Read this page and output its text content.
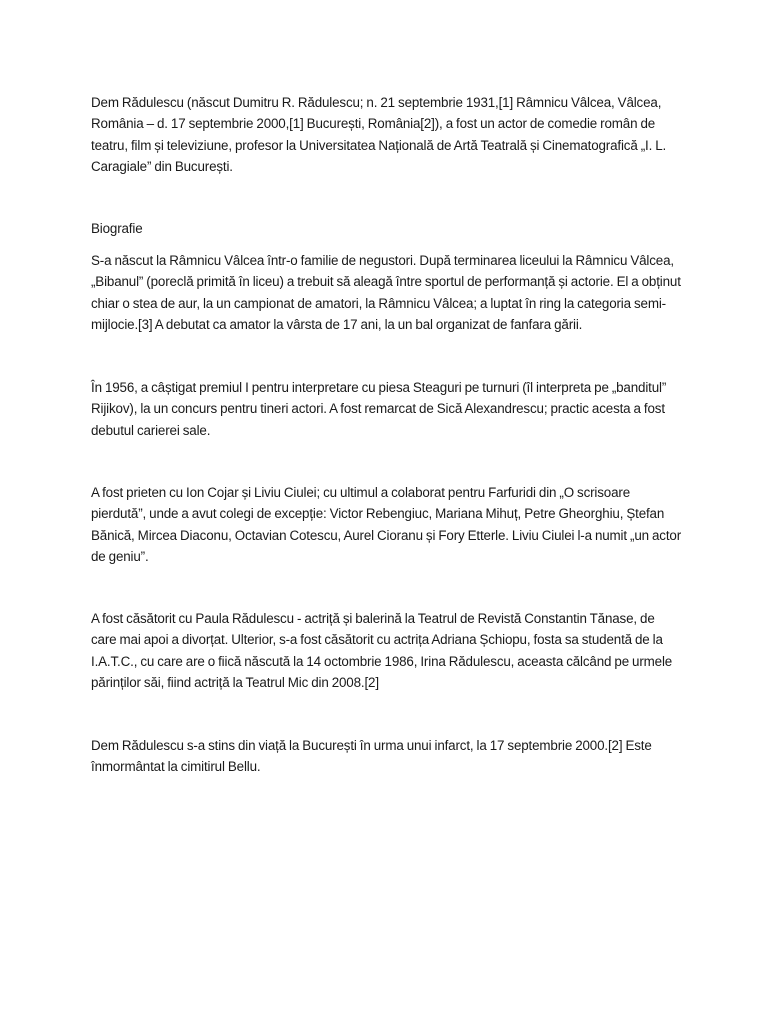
Dem Rădulescu (născut Dumitru R. Rădulescu; n. 21 septembrie 1931,[1] Râmnicu Vâlcea, Vâlcea, România – d. 17 septembrie 2000,[1] București, România[2]), a fost un actor de comedie român de teatru, film și televiziune, profesor la Universitatea Națională de Artă Teatrală și Cinematografică „I. L. Caragiale” din București.

Biografie

S-a născut la Râmnicu Vâlcea într-o familie de negustori. După terminarea liceului la Râmnicu Vâlcea, „Bibanul” (poreclă primită în liceu) a trebuit să aleagă între sportul de performanță și actorie. El a obținut chiar o stea de aur, la un campionat de amatori, la Râmnicu Vâlcea; a luptat în ring la categoria semi-mijlocie.[3] A debutat ca amator la vârsta de 17 ani, la un bal organizat de fanfara gării.

În 1956, a câștigat premiul I pentru interpretare cu piesa Steaguri pe turnuri (îl interpreta pe „banditul” Rijikov), la un concurs pentru tineri actori. A fost remarcat de Sică Alexandrescu; practic acesta a fost debutul carierei sale.

A fost prieten cu Ion Cojar și Liviu Ciulei; cu ultimul a colaborat pentru Farfuridi din „O scrisoare pierdută”, unde a avut colegi de excepție: Victor Rebengiuc, Mariana Mihuț, Petre Gheorghiu, Ștefan Bănică, Mircea Diaconu, Octavian Cotescu, Aurel Cioranu și Fory Etterle. Liviu Ciulei l-a numit „un actor de geniu”.

A fost căsătorit cu Paula Rădulescu - actriță și balerină la Teatrul de Revistă Constantin Tănase, de care mai apoi a divorțat. Ulterior, s-a fost căsătorit cu actrița Adriana Șchiopu, fosta sa studentă de la I.A.T.C., cu care are o fiică născută la 14 octombrie 1986, Irina Rădulescu, aceasta călcând pe urmele părinților săi, fiind actriță la Teatrul Mic din 2008.[2]

Dem Rădulescu s-a stins din viață la București în urma unui infarct, la 17 septembrie 2000.[2] Este înmormântat la cimitirul Bellu.
